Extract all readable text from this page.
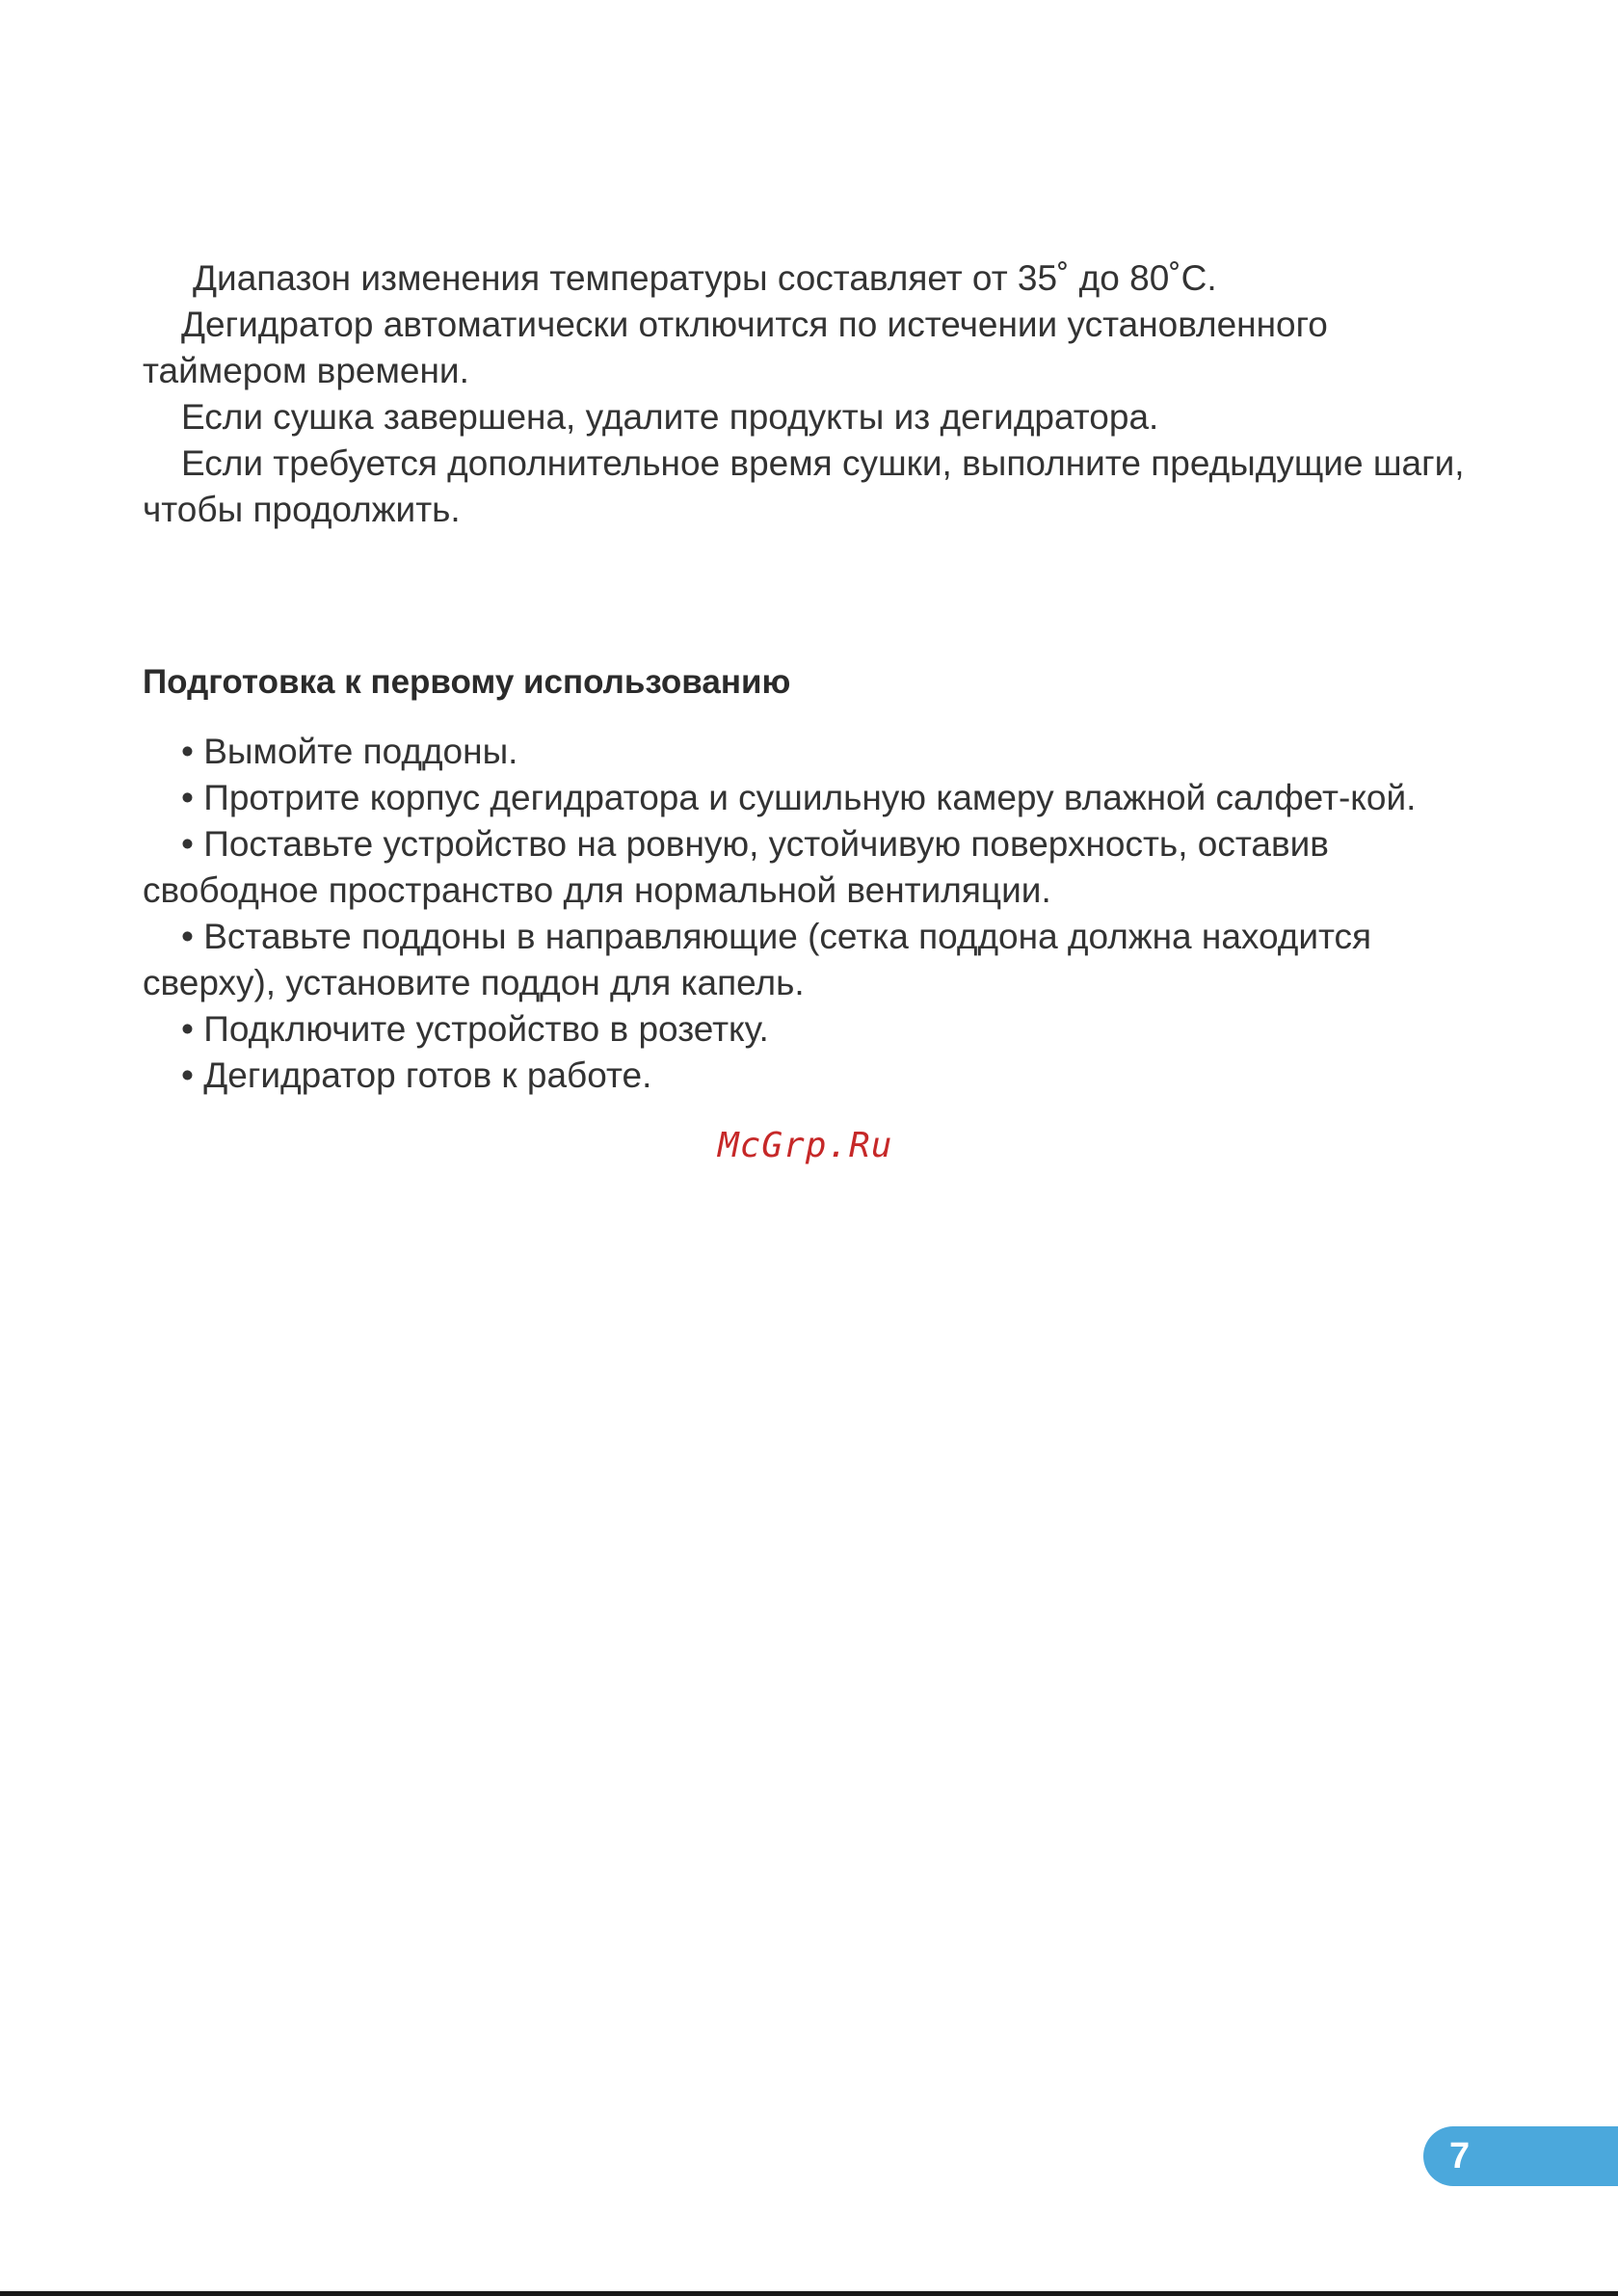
Диапазон изменения температуры составляет от 35˚ до 80˚С.

Дегидратор автоматически отключится по истечении установленного таймером времени.

Если сушка завершена, удалите продукты из дегидратора.

Если требуется дополнительное время сушки, выполните предыдущие шаги, чтобы продолжить.

Подготовка к первому использованию

• Вымойте поддоны.

• Протрите корпус дегидратора и сушильную камеру влажной салфет-кой.

• Поставьте устройство на ровную, устойчивую поверхность, оставив свободное пространство для нормальной вентиляции.

• Вставьте поддоны в направляющие (сетка поддона должна находится сверху), установите поддон для капель.

• Подключите устройство в розетку.

• Дегидратор готов к работе.

McGrp.Ru
7
